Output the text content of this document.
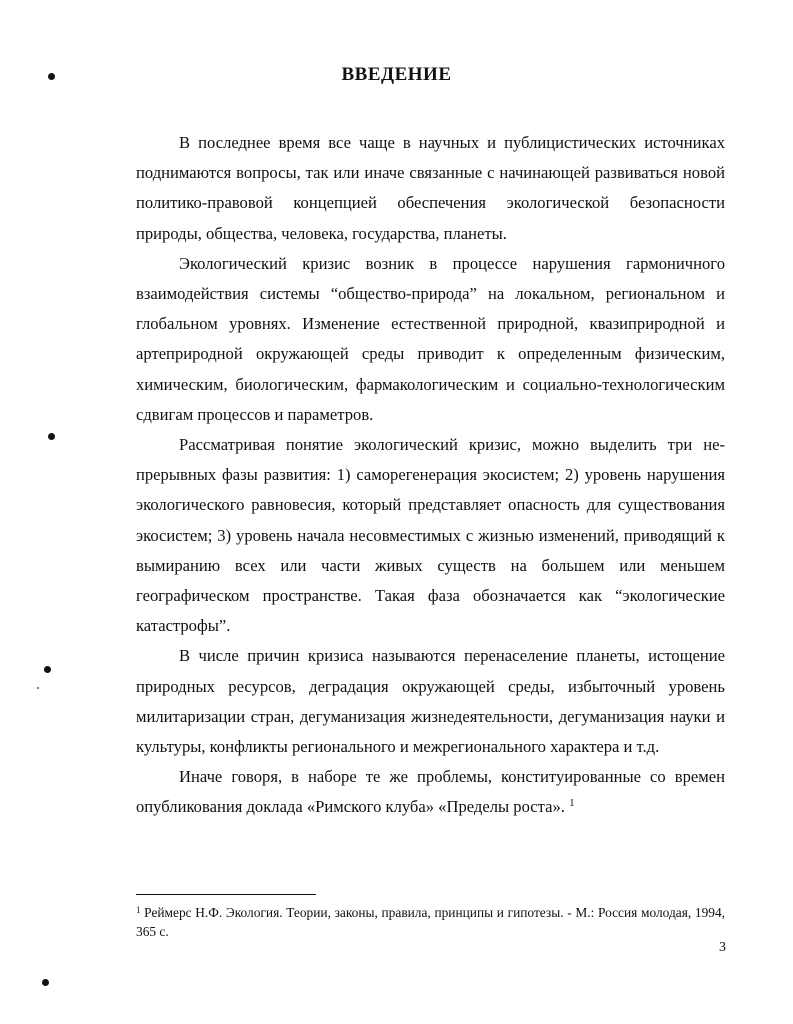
ВВЕДЕНИЕ

В последнее время все чаще в научных и публицистических источниках поднимаются вопросы, так или иначе связанные с начинающей развиваться новой политико-правовой концепцией обеспечения экологической безопасности природы, общества, человека, государства, планеты.

Экологический кризис возник в процессе нарушения гармоничного взаимодействия системы “общество-природа” на локальном, региональном и глобальном уровнях. Изменение естественной природной, квазиприродной и артеприродной окружающей среды приводит к определенным физическим, химическим, биологическим, фармакологическим и социально-технологическим сдвигам процессов и параметров.

Рассматривая понятие экологический кризис, можно выделить три непрерывных фазы развития: 1) саморегенерация экосистем; 2) уровень нарушения экологического равновесия, который представляет опасность для существования экосистем; 3) уровень начала несовместимых с жизнью изменений, приводящий к вымиранию всех или части живых существ на большем или меньшем географическом пространстве. Такая фаза обозначается как “экологические катастрофы”.

В числе причин кризиса называются перенаселение планеты, истощение природных ресурсов, деградация окружающей среды, избыточный уровень милитаризации стран, дегуманизация жизнедеятельности, дегуманизация науки и культуры, конфликты регионального и межрегионального характера и т.д.

Иначе говоря, в наборе те же проблемы, конституированные со времен опубликования доклада «Римского клуба» «Пределы роста». $^1$

$^1$ Реймерс Н.Ф. Экология. Теории, законы, правила, принципы и гипотезы. - М.: Россия молодая, 1994, 365 с.

3
